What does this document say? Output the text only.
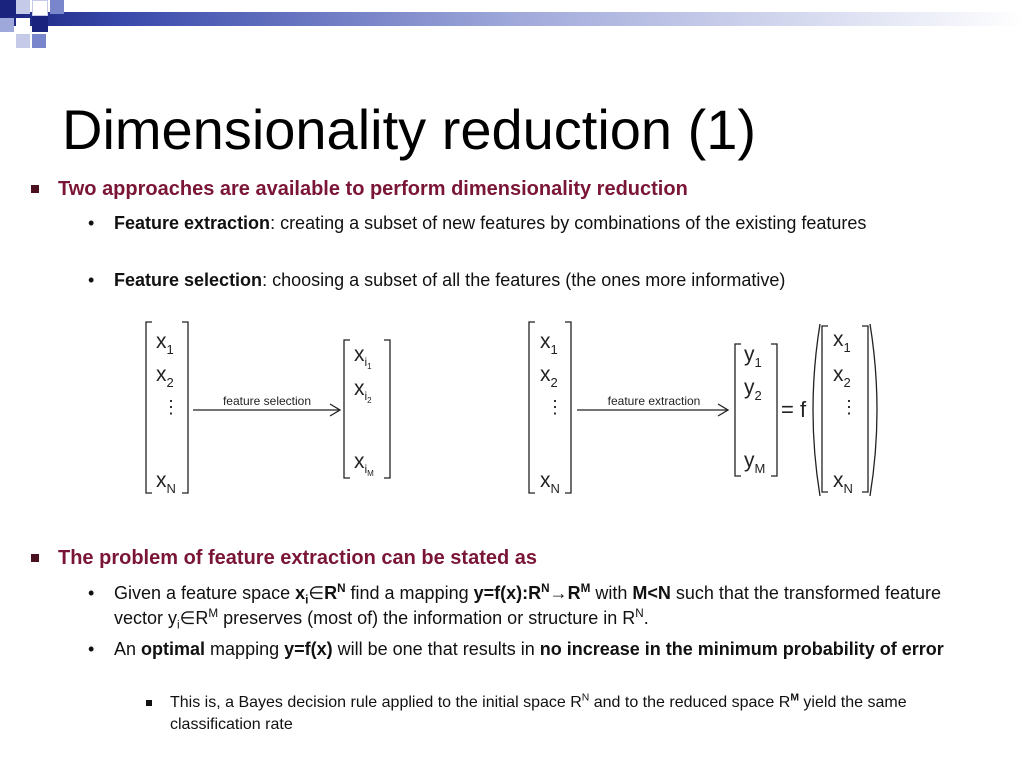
Dimensionality reduction (1)
Two approaches are available to perform dimensionality reduction
• Feature extraction: creating a subset of new features by combinations of the existing features
• Feature selection: choosing a subset of all the features (the ones more informative)
$x_1$
$x_2$
⋮
$x_N$
$x_i1$
$x_i2$
$x_iM$
$x_1$
$x_2$
⋮
$x_N$
$y_1$
$y_2$
$y_M$
= f
$x_1$
$x_2$
⋮
$x_N$
feature selection	feature extraction
The problem of feature extraction can be stated as
• Given a feature space $x_i\in R^N$ find a mapping $y=f(x):R^N\to R^M$ with M<N such that the transformed feature vector $y_i\in R^M$ preserves (most of) the information or structure in $R^N$.
• An optimal mapping y=f(x) will be one that results in no increase in the minimum probability of error
This is, a Bayes decision rule applied to the initial space $R^N$ and to the reduced space $R^M$ yield the same classification rate
